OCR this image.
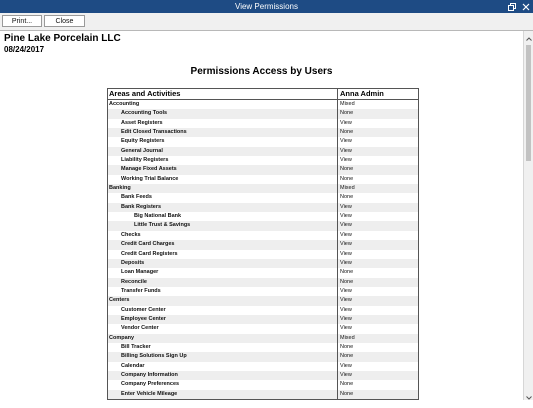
View Permissions
Print...	Close
Pine Lake Porcelain LLC
08/24/2017
Permissions Access by Users
Areas and Activities	Anna Admin
Accounting	Mixed
Accounting Tools	None
Asset Registers	View
Edit Closed Transactions	None
Equity Registers	View
General Journal	View
Liability Registers	View
Manage Fixed Assets	None
Working Trial Balance	None
Banking	Mixed
Bank Feeds	None
Bank Registers	View
Big National Bank	View
Little Trust & Savings	View
Checks	View
Credit Card Charges	View
Credit Card Registers	View
Deposits	View
Loan Manager	None
Reconcile	None
Transfer Funds	View
Centers	View
Customer Center	View
Employee Center	View
Vendor Center	View
Company	Mixed
Bill Tracker	None
Billing Solutions Sign Up	None
Calendar	View
Company Information	View
Company Preferences	None
Enter Vehicle Mileage	None
